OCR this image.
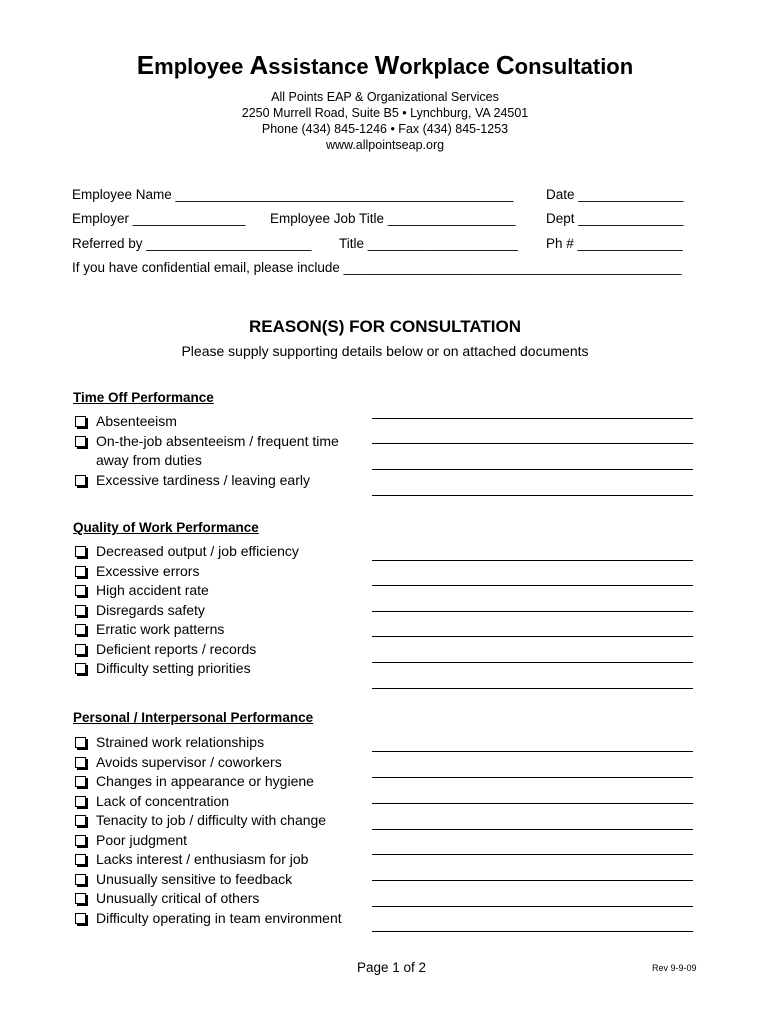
Employee Assistance Workplace Consultation
All Points EAP & Organizational Services
2250 Murrell Road, Suite B5 • Lynchburg, VA 24501
Phone (434) 845-1246 • Fax (434) 845-1253
www.allpointseap.org
Employee Name _____________________________________________ Date ______________
Employer _______________ Employee Job Title _________________ Dept ______________
Referred by ______________________ Title ____________________ Ph # ______________
If you have confidential email, please include _____________________________________________
REASON(S) FOR CONSULTATION
Please supply supporting details below or on attached documents
Time Off Performance
Absenteeism
On-the-job absenteeism / frequent time away from duties
Excessive tardiness / leaving early
Quality of Work Performance
Decreased output / job efficiency
Excessive errors
High accident rate
Disregards safety
Erratic work patterns
Deficient reports / records
Difficulty setting priorities
Personal / Interpersonal Performance
Strained work relationships
Avoids supervisor / coworkers
Changes in appearance or hygiene
Lack of concentration
Tenacity to job / difficulty with change
Poor judgment
Lacks interest / enthusiasm for job
Unusually sensitive to feedback
Unusually critical of others
Difficulty operating in team environment
Page 1 of 2	Rev 9-9-09
